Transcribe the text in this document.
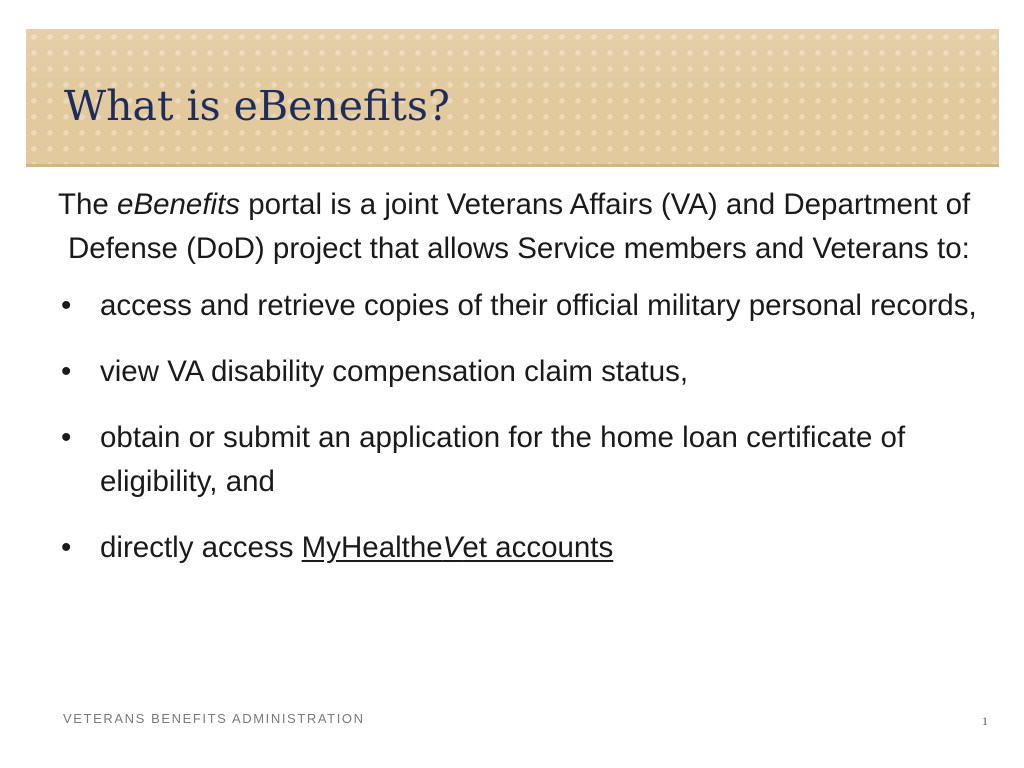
What is eBenefits?

The eBenefits portal is a joint Veterans Affairs (VA) and Department of Defense (DoD) project that allows Service members and Veterans to:

• access and retrieve copies of their official military personal records,
• view VA disability compensation claim status,
• obtain or submit an application for the home loan certificate of eligibility, and
• directly access MyHealtheVet accounts
VETERANS BENEFITS ADMINISTRATION	1
